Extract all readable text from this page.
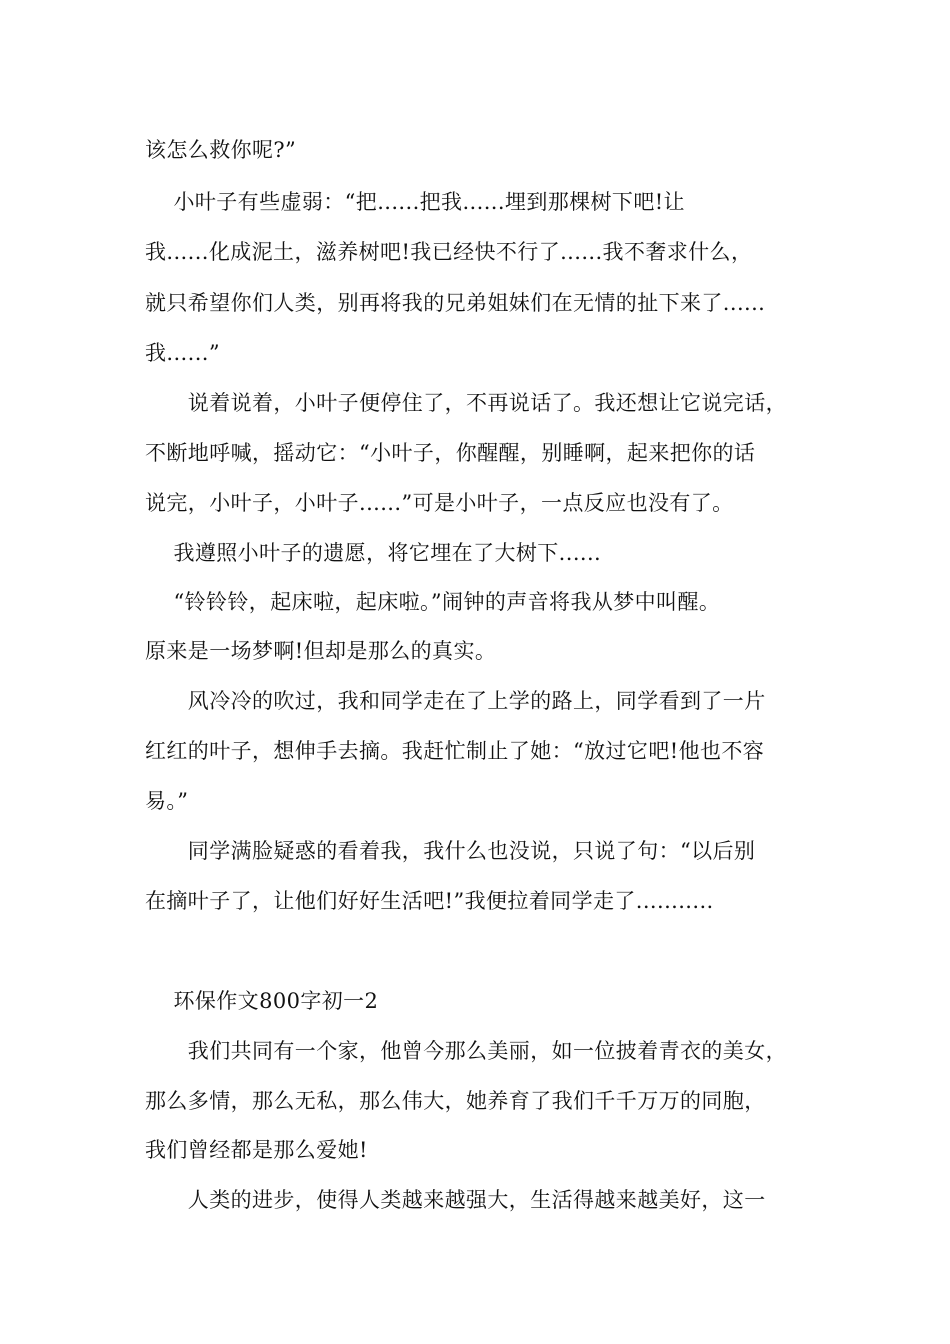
该怎么救你呢?”
　 小叶子有些虚弱：“把......把我......埋到那棵树下吧!让
我......化成泥土，滋养树吧!我已经快不行了......我不奢求什么，
就只希望你们人类，别再将我的兄弟姐妹们在无情的扯下来了......
我......”
　　说着说着，小叶子便停住了，不再说话了。我还想让它说完话，
不断地呼喊，摇动它：“小叶子，你醒醒，别睡啊，起来把你的话
说完，小叶子，小叶子......”可是小叶子，一点反应也没有了。
　 我遵照小叶子的遗愿，将它埋在了大树下......
　 “铃铃铃，起床啦，起床啦。”闹钟的声音将我从梦中叫醒。
原来是一场梦啊!但却是那么的真实。
　　风冷冷的吹过，我和同学走在了上学的路上，同学看到了一片
红红的叶子，想伸手去摘。我赶忙制止了她：“放过它吧!他也不容
易。”
　　同学满脸疑惑的看着我，我什么也没说，只说了句：“以后别
在摘叶子了，让他们好好生活吧!”我便拉着同学走了...........
　 环保作文800字初一2
　　我们共同有一个家，他曾今那么美丽，如一位披着青衣的美女，
那么多情，那么无私，那么伟大，她养育了我们千千万万的同胞，
我们曾经都是那么爱她!
　　人类的进步，使得人类越来越强大，生活得越来越美好，这一
